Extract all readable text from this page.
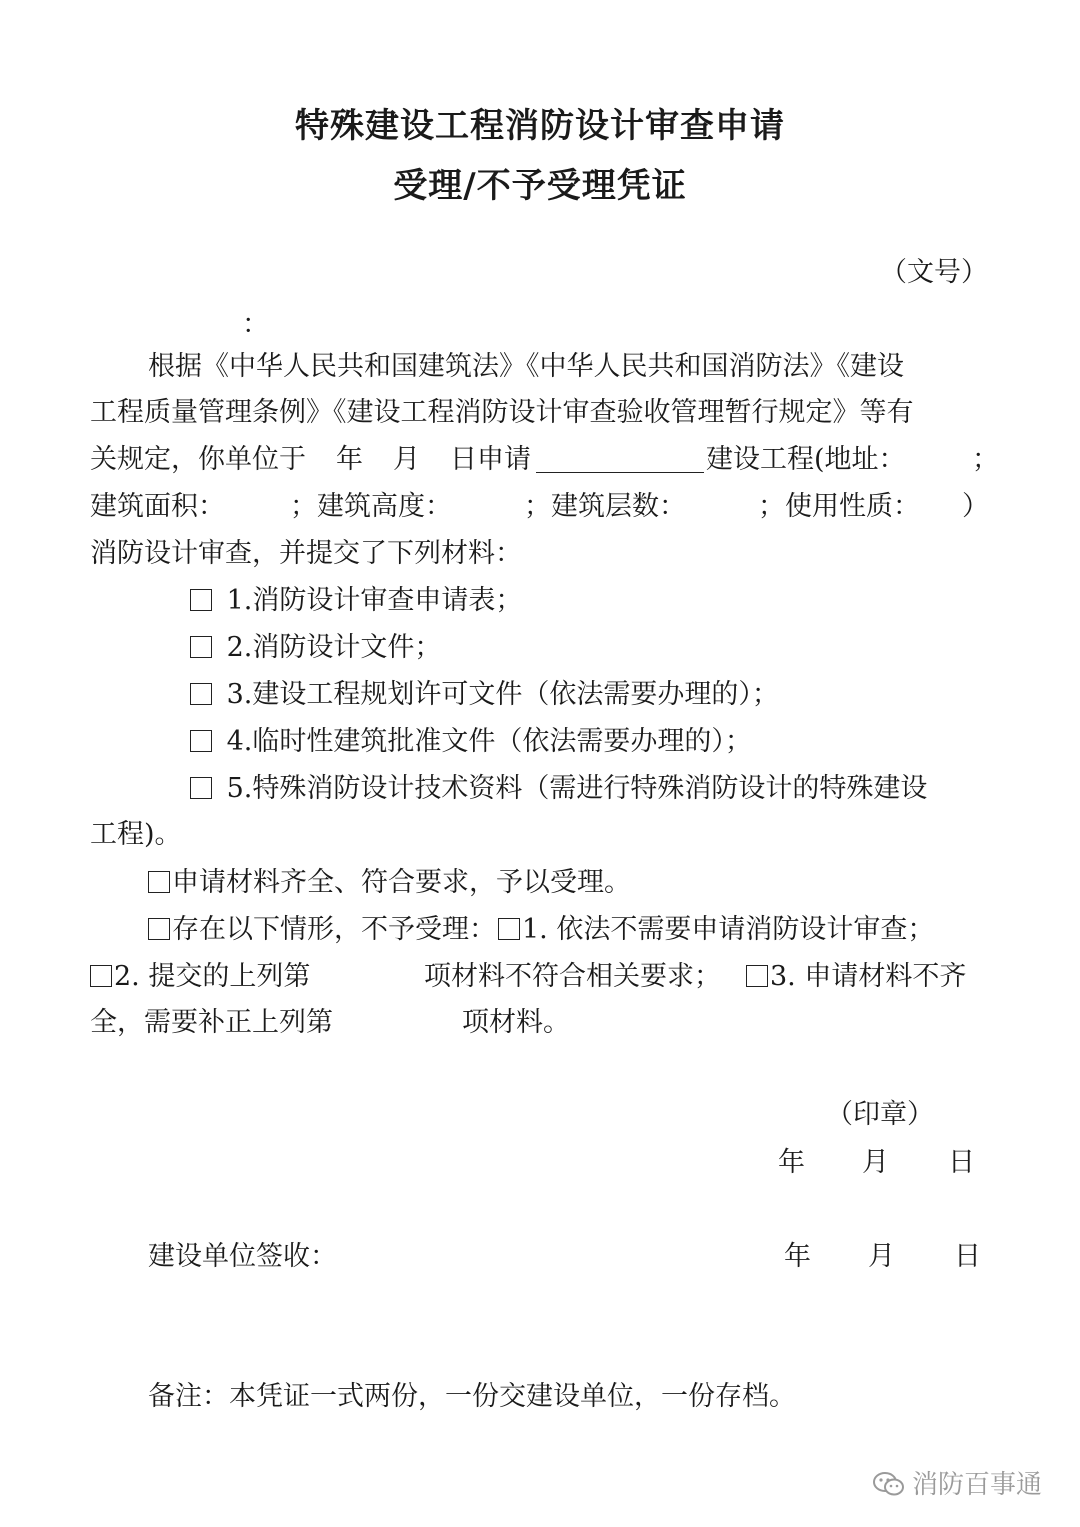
特殊建设工程消防设计审查申请
受理/不予受理凭证
（文号）
：
根据《中华人民共和国建筑法》《中华人民共和国消防法》《建设
工程质量管理条例》《建设工程消防设计审查验收管理暂行规定》等有
关规定，你单位于 年 月 日申请	建设工程(地址： ；
建筑面积： ；建筑高度：	；建筑层数：	；使用性质： ）
消防设计审查，并提交了下列材料：
1.消防设计审查申请表；
2.消防设计文件；
3.建设工程规划许可文件（依法需要办理的）；
4.临时性建筑批准文件（依法需要办理的）；
5.特殊消防设计技术资料（需进行特殊消防设计的特殊建设
工程)。
申请材料齐全、符合要求，予以受理。
存在以下情形，不予受理： 1. 依法不需要申请消防设计审查；
2. 提交的上列第	项材料不符合相关要求；	3. 申请材料不齐
全，需要补正上列第	项材料。
（印章）
年 月 日
建设单位签收：	年 月 日
备注：本凭证一式两份，一份交建设单位，一份存档。
消防百事通
